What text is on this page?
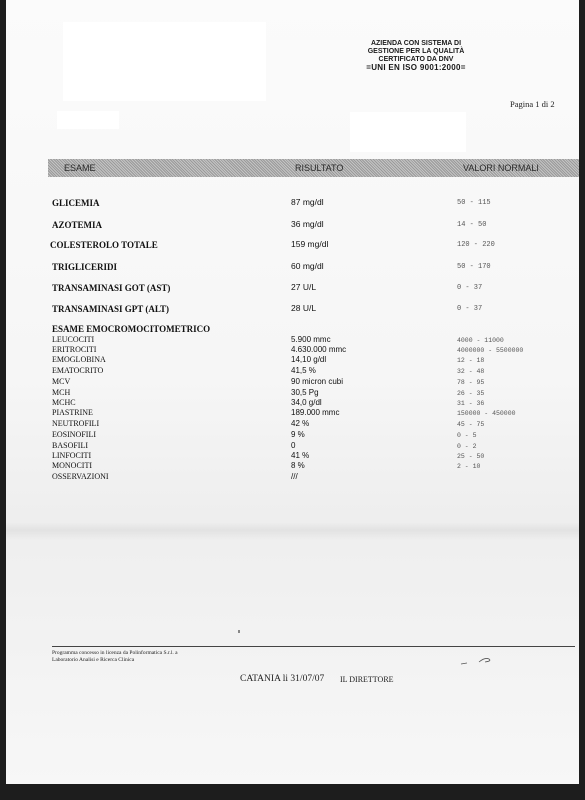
AZIENDA CON SISTEMA DI
GESTIONE PER LA QUALITÀ
CERTIFICATO DA DNV
=UNI EN ISO 9001:2000=
Pagina 1 di 2
ESAME	RISULTATO	VALORI NORMALI
GLICEMIA	87 mg/dl	50 - 115
AZOTEMIA	36 mg/dl	14 - 50
COLESTEROLO TOTALE	159 mg/dl	120 - 220
TRIGLICERIDI	60 mg/dl	50 - 170
TRANSAMINASI GOT (AST)	27 U/L	0 - 37
TRANSAMINASI GPT (ALT)	28 U/L	0 - 37
ESAME EMOCROMOCITOMETRICO
LEUCOCITI	5.900 mmc	4000 - 11000
ERITROCITI	4.630.000 mmc	4000000 - 5500000
EMOGLOBINA	14,10 g/dl	12 - 18
EMATOCRITO	41,5 %	32 - 48
MCV	90 micron cubi	78 - 95
MCH	30,5 Pg	26 - 35
MCHC	34,0 g/dl	31 - 36
PIASTRINE	189.000 mmc	150000 - 450000
NEUTROFILI	42 %	45 - 75
EOSINOFILI	9 %	0 - 5
BASOFILI	0	0 - 2
LINFOCITI	41 %	25 - 50
MONOCITI	8 %	2 - 10
OSSERVAZIONI	///
Programma concesso in licenza da Polinformatica S.r.l. a
Laboratorio Analisi e Ricerca Clinica
CATANIA li 31/07/07 IL DIRETTORE
